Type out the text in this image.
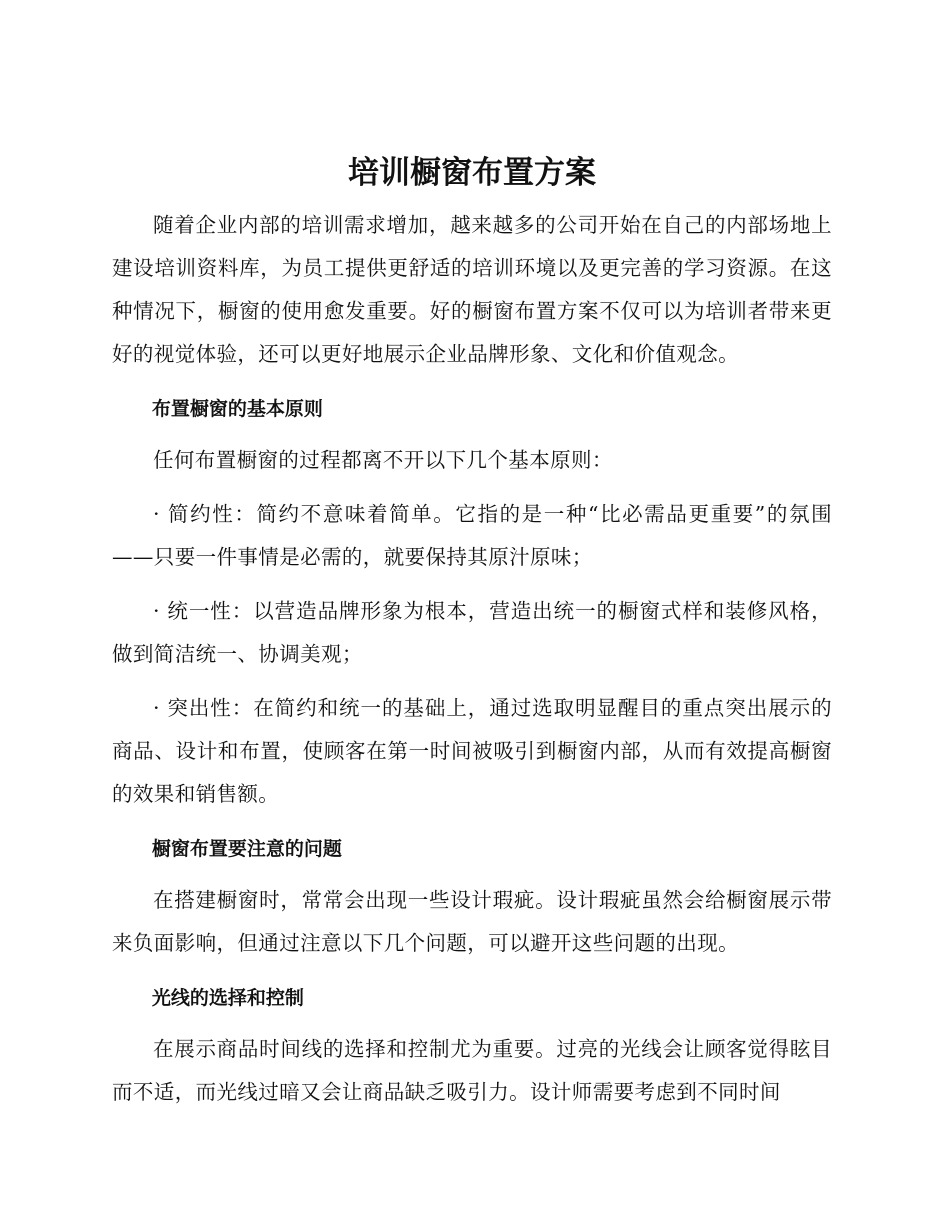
培训橱窗布置方案

随着企业内部的培训需求增加，越来越多的公司开始在自己的内部场地上建设培训资料库，为员工提供更舒适的培训环境以及更完善的学习资源。在这种情况下，橱窗的使用愈发重要。好的橱窗布置方案不仅可以为培训者带来更好的视觉体验，还可以更好地展示企业品牌形象、文化和价值观念。

布置橱窗的基本原则

任何布置橱窗的过程都离不开以下几个基本原则：

· 简约性：简约不意味着简单。它指的是一种“比必需品更重要”的氛围——只要一件事情是必需的，就要保持其原汁原味；

· 统一性：以营造品牌形象为根本，营造出统一的橱窗式样和装修风格，做到简洁统一、协调美观；

· 突出性：在简约和统一的基础上，通过选取明显醒目的重点突出展示的商品、设计和布置，使顾客在第一时间被吸引到橱窗内部，从而有效提高橱窗的效果和销售额。

橱窗布置要注意的问题

在搭建橱窗时，常常会出现一些设计瑕疵。设计瑕疵虽然会给橱窗展示带来负面影响，但通过注意以下几个问题，可以避开这些问题的出现。

光线的选择和控制

在展示商品时间线的选择和控制尤为重要。过亮的光线会让顾客觉得眩目而不适，而光线过暗又会让商品缺乏吸引力。设计师需要考虑到不同时间
